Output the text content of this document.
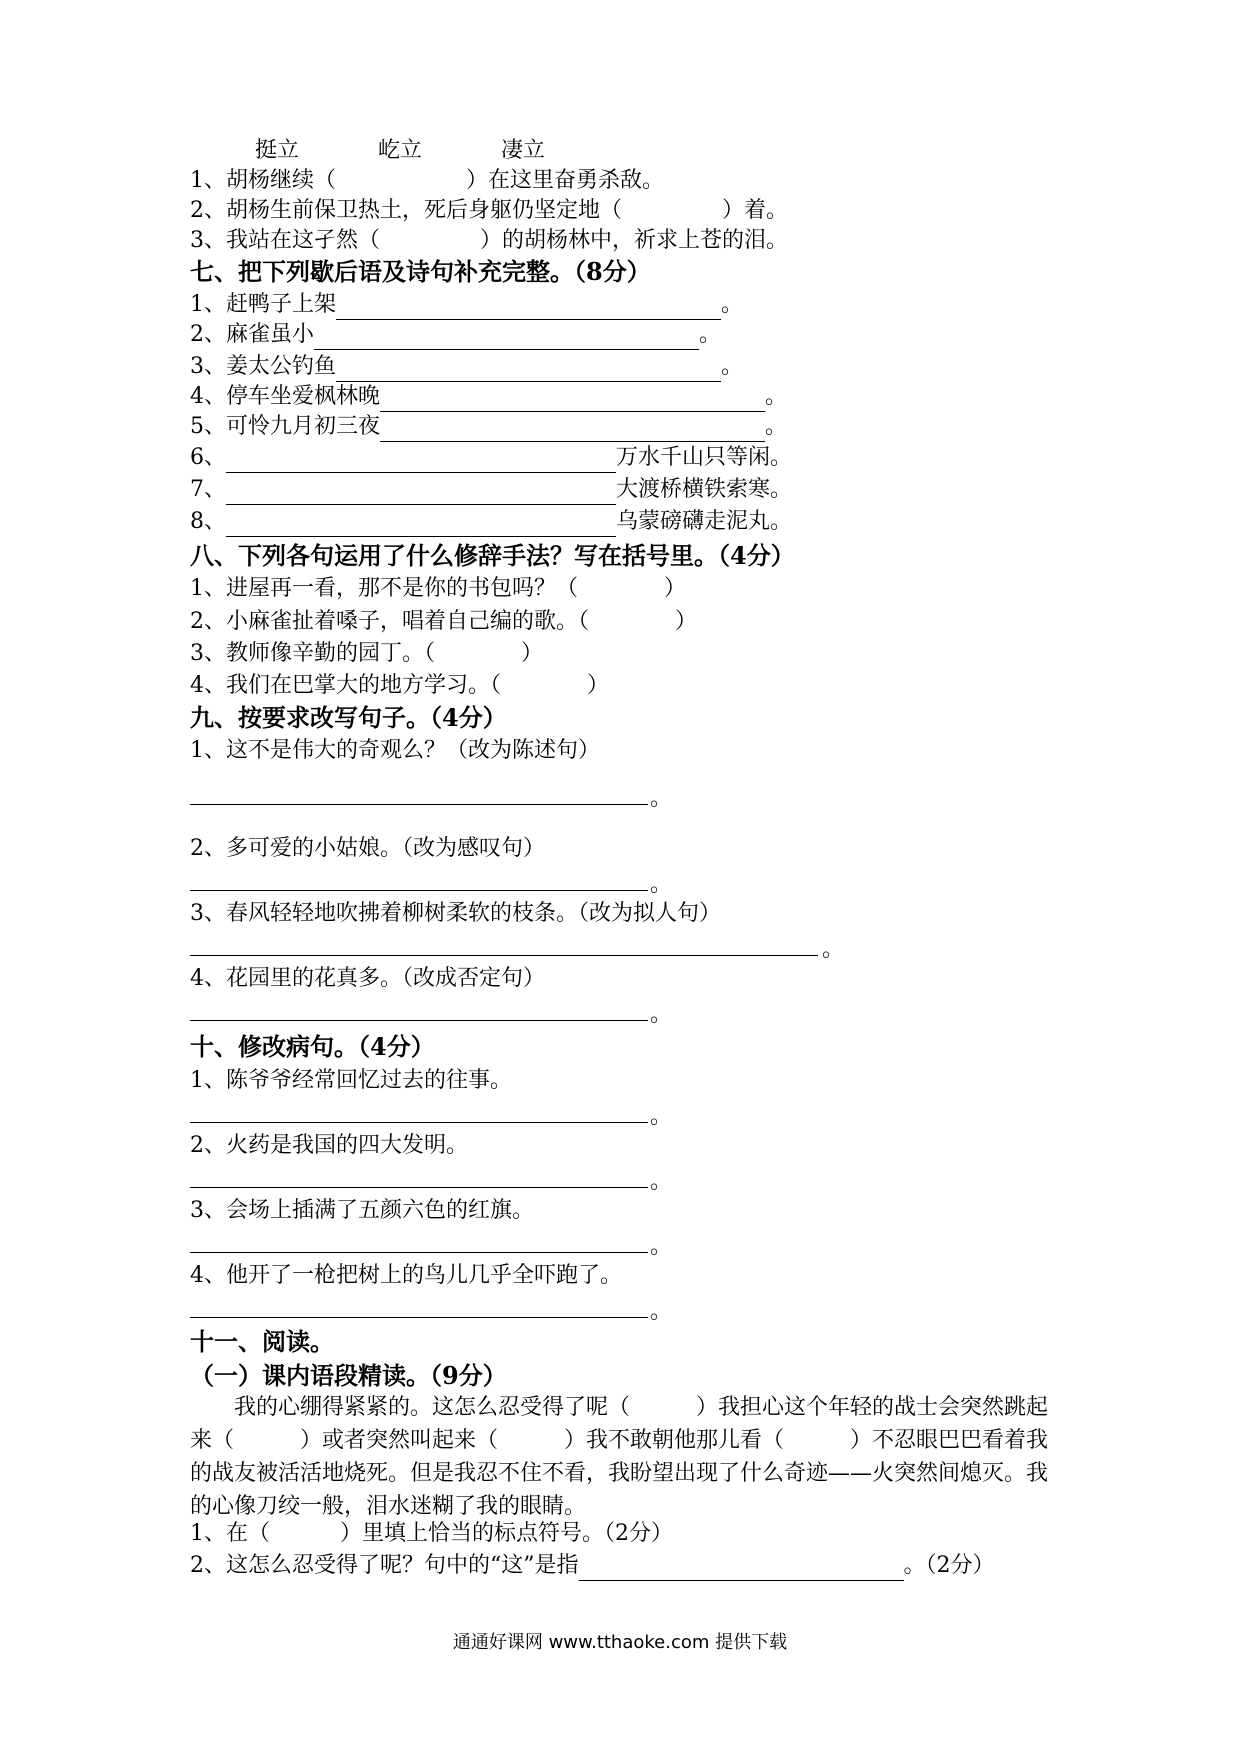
挺立	屹立	凄立
1、胡杨继续（	）在这里奋勇杀敌。
2、胡杨生前保卫热土，死后身躯仍坚定地（	）着。
3、我站在这孑然（	）的胡杨林中，祈求上苍的泪。
七、把下列歇后语及诗句补充完整。（8分）
1、赶鸭子上架	。
2、麻雀虽小	。
3、姜太公钓鱼	。
4、停车坐爱枫林晚	。
5、可怜九月初三夜	。
6、	万水千山只等闲。
7、	大渡桥横铁索寒。
8、	乌蒙磅礴走泥丸。
八、下列各句运用了什么修辞手法？写在括号里。（4分）
1、进屋再一看，那不是你的书包吗？（	）
2、小麻雀扯着嗓子，唱着自己编的歌。（	）
3、教师像辛勤的园丁。（	）
4、我们在巴掌大的地方学习。（	）
九、按要求改写句子。（4分）
1、这不是伟大的奇观么？（改为陈述句）
。
2、多可爱的小姑娘。（改为感叹句）
。
3、春风轻轻地吹拂着柳树柔软的枝条。（改为拟人句）
。
4、花园里的花真多。（改成否定句）
。
十、修改病句。（4分）
1、陈爷爷经常回忆过去的往事。
。
2、火药是我国的四大发明。
。
3、会场上插满了五颜六色的红旗。
。
4、他开了一枪把树上的鸟儿几乎全吓跑了。
。
十一、阅读。
（一）课内语段精读。（9分）
我的心绷得紧紧的。这怎么忍受得了呢（	）我担心这个年轻的战士会突然跳起来（	）或者突然叫起来（	）我不敢朝他那儿看（	）不忍眼巴巴看着我的战友被活活地烧死。但是我忍不住不看，我盼望出现了什么奇迹——火突然间熄灭。我的心像刀绞一般，泪水迷糊了我的眼睛。
1、在（	）里填上恰当的标点符号。（2分）
2、这怎么忍受得了呢？句中的“这”是指	。（2分）
通通好课网 www.tthaoke.com 提供下载
